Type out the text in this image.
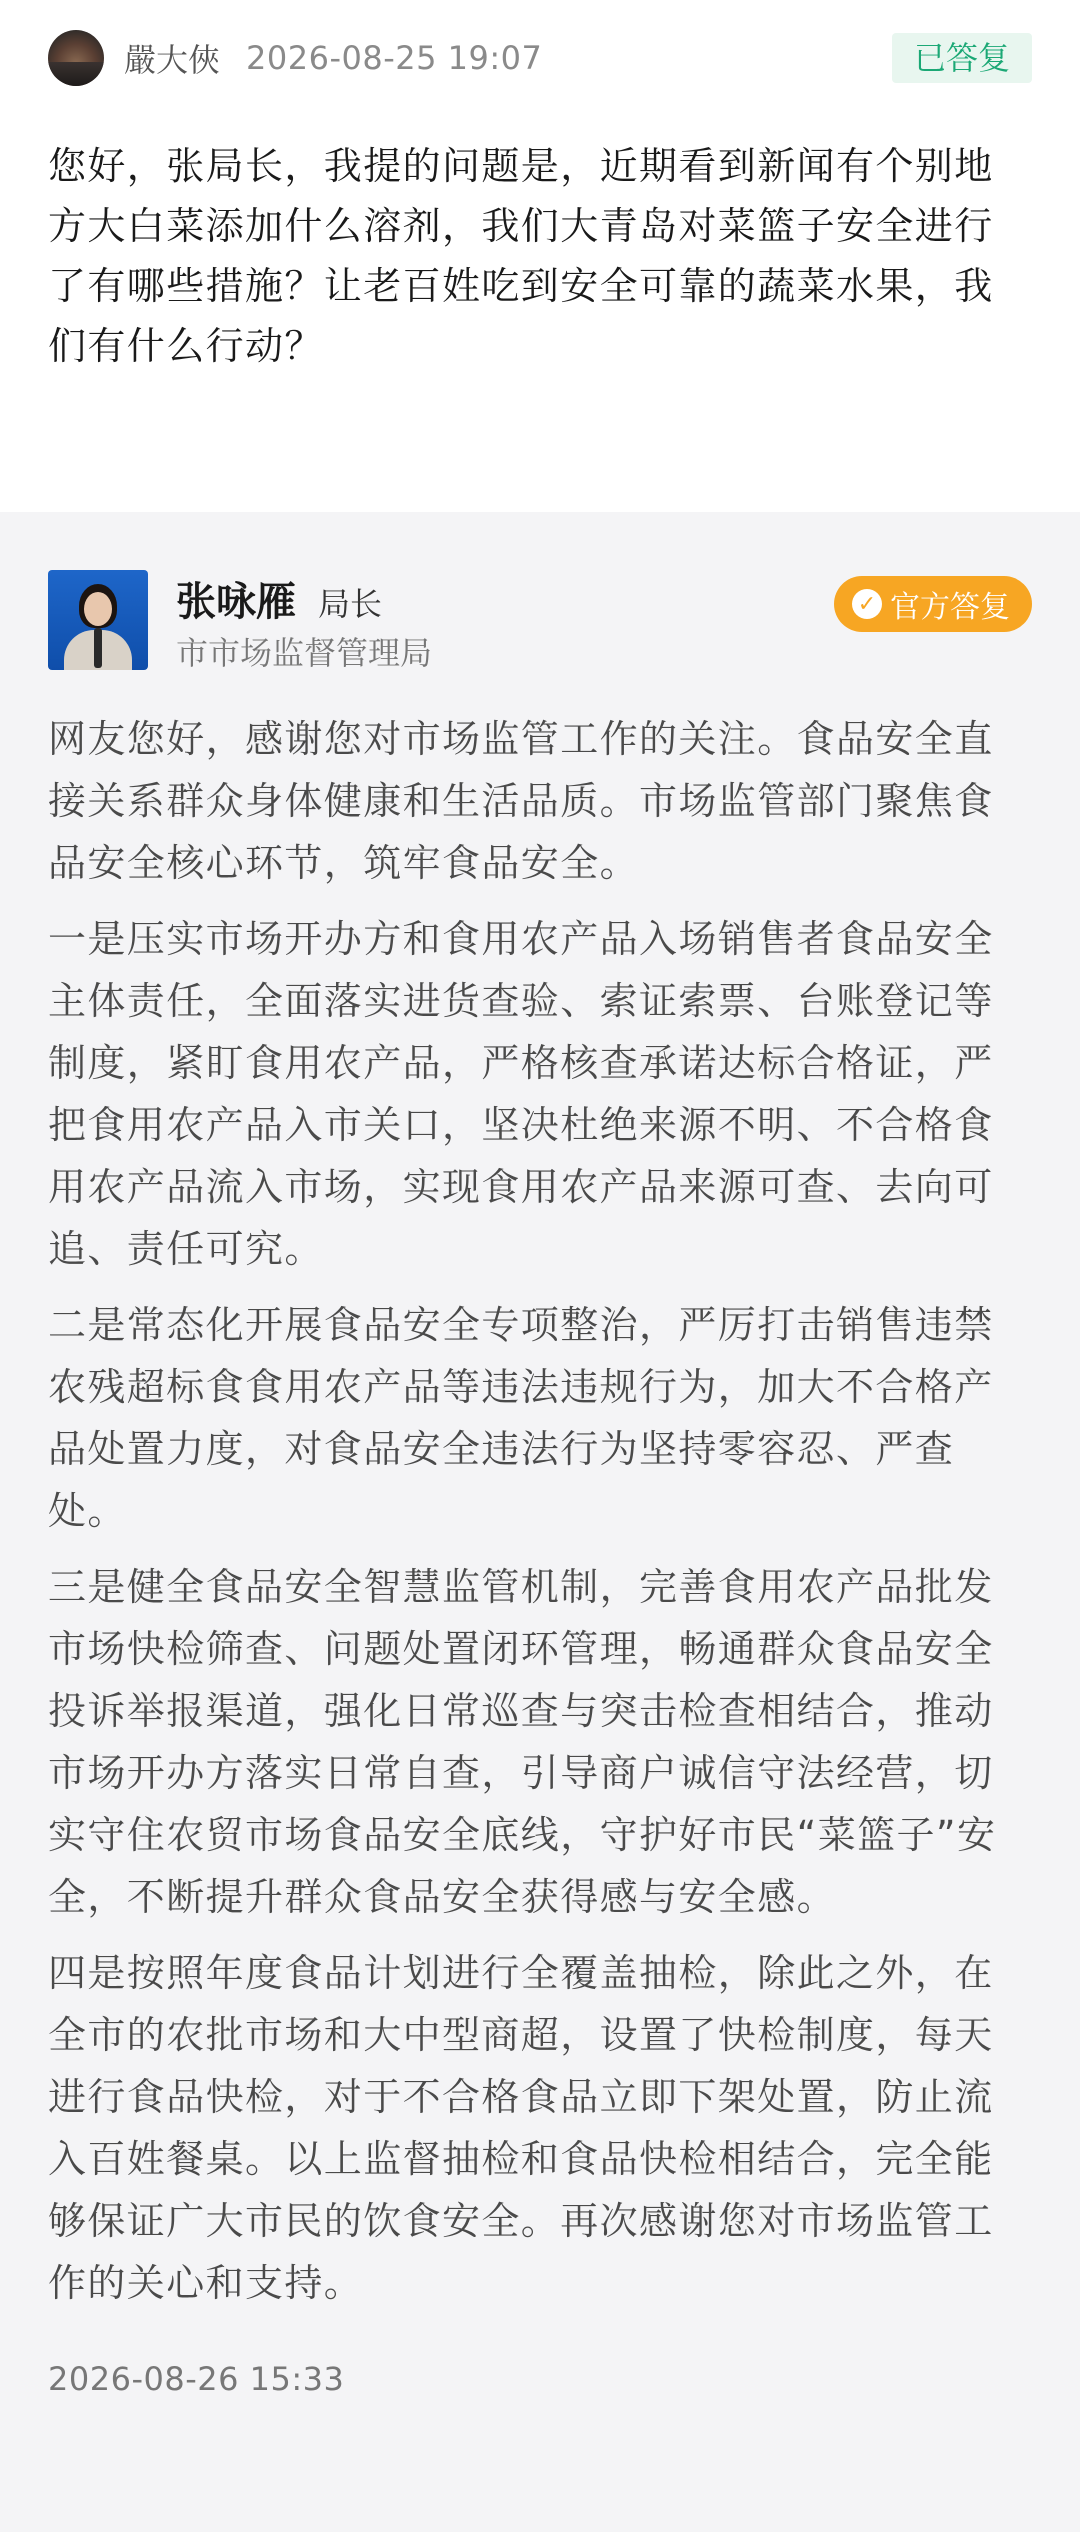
嚴大俠 2026-08-25 19:07	已答复
您好，张局长，我提的问题是，近期看到新闻有个别地方大白菜添加什么溶剂，我们大青岛对菜篮子安全进行了有哪些措施？让老百姓吃到安全可靠的蔬菜水果，我们有什么行动？
张咏雁 局长
市市场监督管理局
✓ 官方答复

网友您好，感谢您对市场监管工作的关注。食品安全直接关系群众身体健康和生活品质。市场监管部门聚焦食品安全核心环节，筑牢食品安全。

一是压实市场开办方和食用农产品入场销售者食品安全主体责任，全面落实进货查验、索证索票、台账登记等制度，紧盯食用农产品，严格核查承诺达标合格证，严把食用农产品入市关口，坚决杜绝来源不明、不合格食用农产品流入市场，实现食用农产品来源可查、去向可追、责任可究。

二是常态化开展食品安全专项整治，严厉打击销售违禁农残超标食食用农产品等违法违规行为，加大不合格产品处置力度，对食品安全违法行为坚持零容忍、严查处。

三是健全食品安全智慧监管机制，完善食用农产品批发市场快检筛查、问题处置闭环管理，畅通群众食品安全投诉举报渠道，强化日常巡查与突击检查相结合，推动市场开办方落实日常自查，引导商户诚信守法经营，切实守住农贸市场食品安全底线，守护好市民“菜篮子”安全，不断提升群众食品安全获得感与安全感。

四是按照年度食品计划进行全覆盖抽检，除此之外，在全市的农批市场和大中型商超，设置了快检制度，每天进行食品快检，对于不合格食品立即下架处置，防止流入百姓餐桌。以上监督抽检和食品快检相结合，完全能够保证广大市民的饮食安全。再次感谢您对市场监管工作的关心和支持。

2026-08-26 15:33
